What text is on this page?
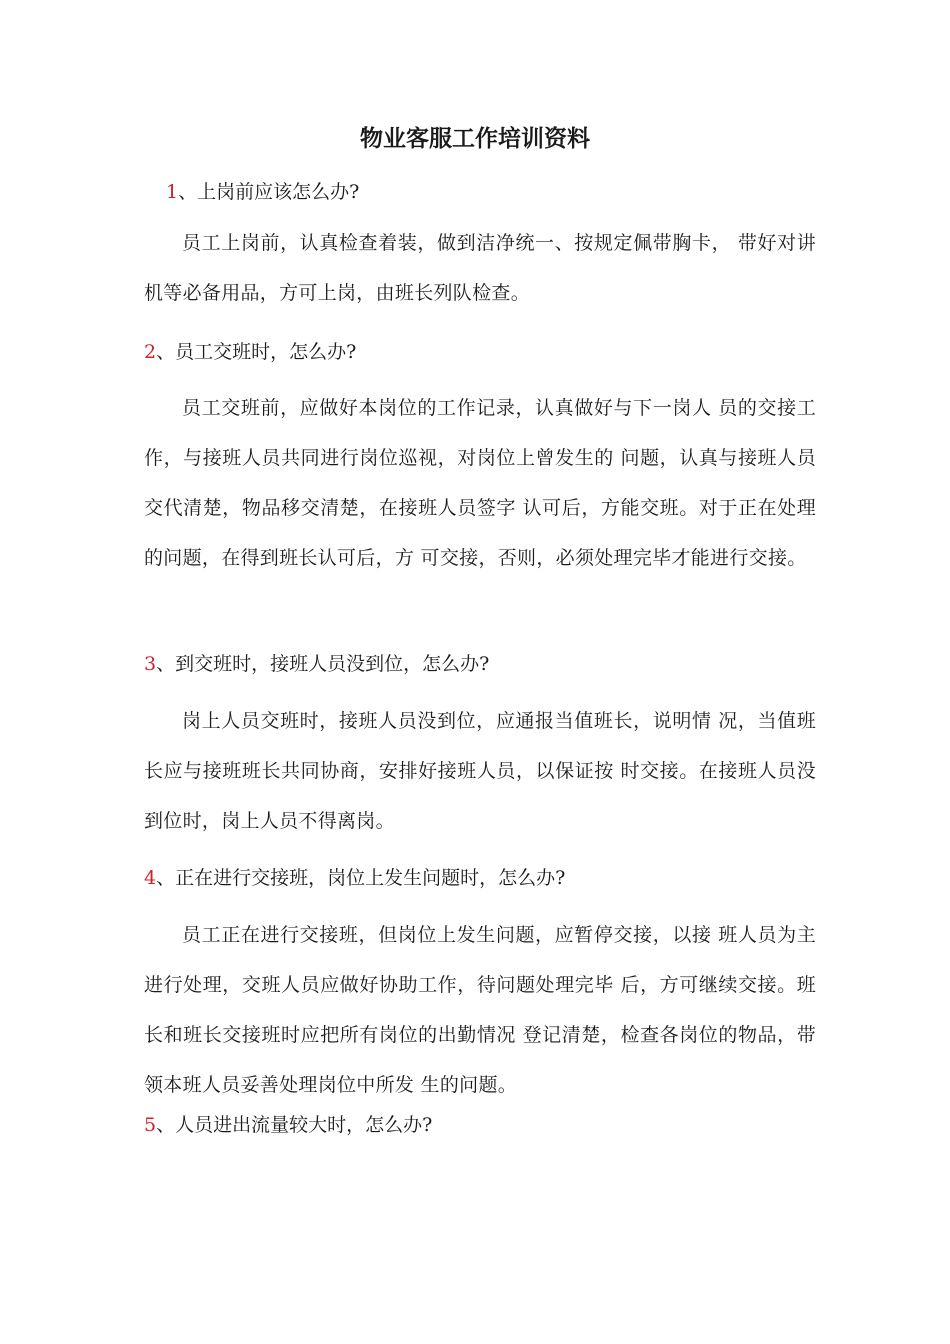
物业客服工作培训资料
1、上岗前应该怎么办?
员工上岗前，认真检查着装，做到洁净统一、按规定佩带胸卡， 带好对讲机等必备用品，方可上岗，由班长列队检查。
2、员工交班时，怎么办?
员工交班前，应做好本岗位的工作记录，认真做好与下一岗人 员的交接工作，与接班人员共同进行岗位巡视，对岗位上曾发生的 问题，认真与接班人员交代清楚，物品移交清楚，在接班人员签字 认可后，方能交班。对于正在处理的问题，在得到班长认可后，方 可交接，否则，必须处理完毕才能进行交接。
3、到交班时，接班人员没到位，怎么办?
岗上人员交班时，接班人员没到位，应通报当值班长，说明情 况，当值班长应与接班班长共同协商，安排好接班人员，以保证按 时交接。在接班人员没到位时，岗上人员不得离岗。
4、正在进行交接班，岗位上发生问题时，怎么办?
员工正在进行交接班，但岗位上发生问题，应暂停交接，以接 班人员为主进行处理，交班人员应做好协助工作，待问题处理完毕 后，方可继续交接。班长和班长交接班时应把所有岗位的出勤情况 登记清楚，检查各岗位的物品，带领本班人员妥善处理岗位中所发 生的问题。
5、人员进出流量较大时，怎么办?
